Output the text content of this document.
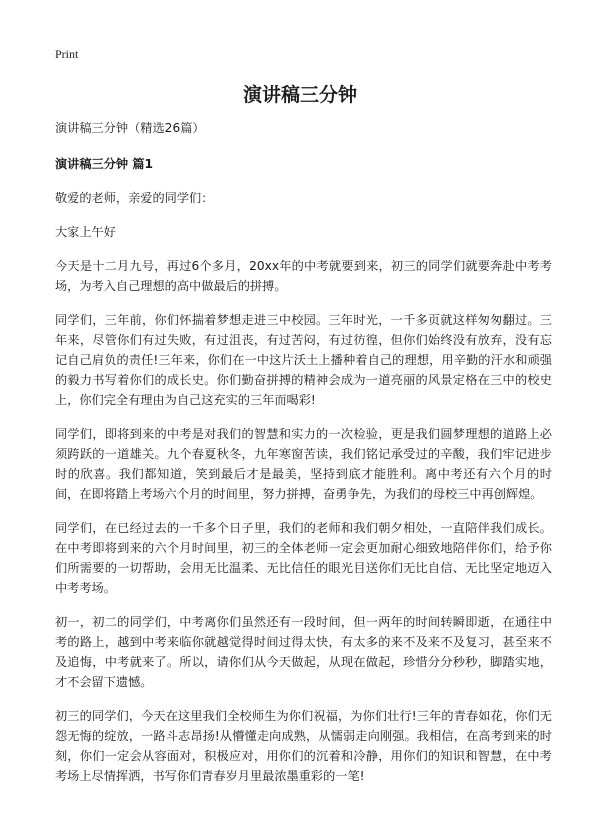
Print
演讲稿三分钟

演讲稿三分钟（精选26篇）

演讲稿三分钟 篇1

敬爱的老师，亲爱的同学们：

大家上午好

今天是十二月九号，再过6个多月，20xx年的中考就要到来，初三的同学们就要奔赴中考考场，为考入自己理想的高中做最后的拼搏。

同学们，三年前，你们怀揣着梦想走进三中校园。三年时光，一千多页就这样匆匆翻过。三年来，尽管你们有过失败，有过沮丧，有过苦闷，有过彷徨，但你们始终没有放弃，没有忘记自己肩负的责任!三年来，你们在一中这片沃土上播种着自己的理想，用辛勤的汗水和顽强的毅力书写着你们的成长史。你们勤奋拼搏的精神会成为一道亮丽的风景定格在三中的校史上，你们完全有理由为自己这充实的三年而喝彩!

同学们，即将到来的中考是对我们的智慧和实力的一次检验，更是我们圆梦理想的道路上必须跨跃的一道雄关。九个春夏秋冬，九年寒窗苦读，我们铭记承受过的辛酸，我们牢记进步时的欣喜。我们都知道，笑到最后才是最美，坚持到底才能胜利。离中考还有六个月的时间，在即将踏上考场六个月的时间里，努力拼搏，奋勇争先，为我们的母校三中再创辉煌。

同学们，在已经过去的一千多个日子里，我们的老师和我们朝夕相处，一直陪伴我们成长。在中考即将到来的六个月时间里，初三的全体老师一定会更加耐心细致地陪伴你们，给予你们所需要的一切帮助，会用无比温柔、无比信任的眼光目送你们无比自信、无比坚定地迈入中考考场。

初一，初二的同学们，中考离你们虽然还有一段时间，但一两年的时间转瞬即逝，在通往中考的路上，越到中考来临你就越觉得时间过得太快，有太多的来不及来不及复习，甚至来不及追悔，中考就来了。所以，请你们从今天做起，从现在做起，珍惜分分秒秒，脚踏实地，才不会留下遗憾。

初三的同学们，今天在这里我们全校师生为你们祝福，为你们壮行!三年的青春如花，你们无怨无悔的绽放，一路斗志昂扬!从懵懂走向成熟，从懦弱走向刚强。我相信，在高考到来的时刻，你们一定会从容面对，积极应对，用你们的沉着和冷静，用你们的知识和智慧，在中考考场上尽情挥洒，书写你们青春岁月里最浓墨重彩的一笔!
